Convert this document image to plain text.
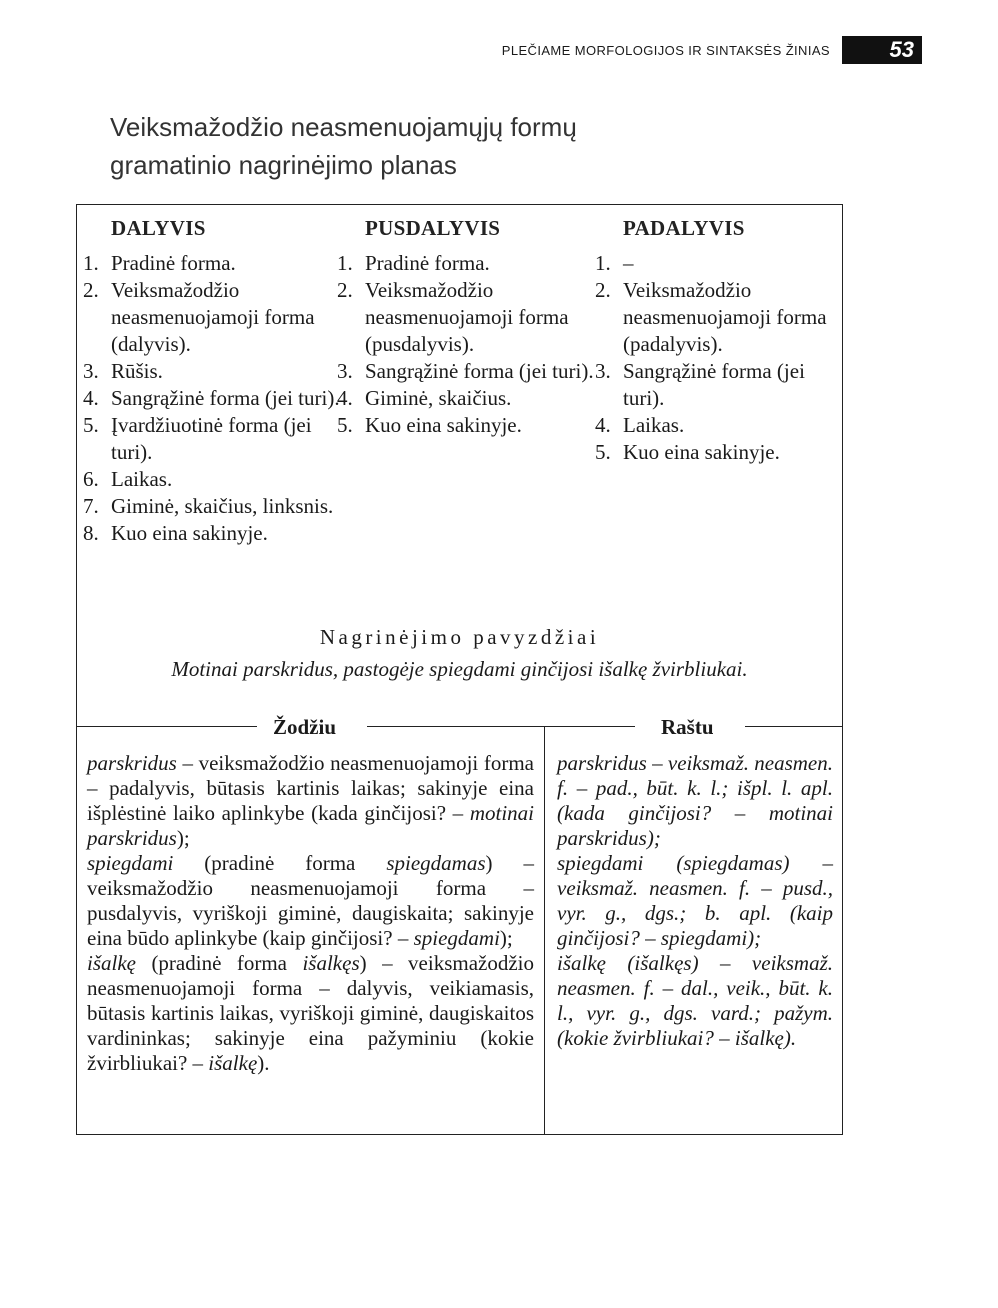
PLEČIAME MORFOLOGIJOS IR SINTAKSĖS ŽINIAS	53
Veiksmažodžio neasmenuojamųjų formų
gramatinio nagrinėjimo planas
DALYVIS
1. Pradinė forma.
2. Veiksmažodžio neasmenuojamoji forma (dalyvis).
3. Rūšis.
4. Sangrąžinė forma (jei turi).
5. Įvardžiuotinė forma (jei turi).
6. Laikas.
7. Giminė, skaičius, linksnis.
8. Kuo eina sakinyje.
PUSDALYVIS
1. Pradinė forma.
2. Veiksmažodžio neasmenuojamoji forma (pusdalyvis).
3. Sangrąžinė forma (jei turi).
4. Giminė, skaičius.
5. Kuo eina sakinyje.
PADALYVIS
1. –
2. Veiksmažodžio neasmenuojamoji forma (padalyvis).
3. Sangrąžinė forma (jei turi).
4. Laikas.
5. Kuo eina sakinyje.
Nagrinėjimo pavyzdžiai
Motinai parskridus, pastogėje spiegdami ginčijosi išalkę žvirbliukai.
Žodžiu	Raštu

parskridus – veiksmažodžio neasmenuojamoji forma – padalyvis, būtasis kartinis laikas; sakinyje eina išplėstinė laiko aplinkybe (kada ginčijosi? – motinai parskridus);

spiegdami (pradinė forma spiegdamas) – veiksmažodžio neasmenuojamoji forma – pusdalyvis, vyriškoji giminė, daugiskaita; sakinyje eina būdo aplinkybe (kaip ginčijosi? – spiegdami);

išalkę (pradinė forma išalkęs) – veiksmažodžio neasmenuojamoji forma – dalyvis, veikiamasis, būtasis kartinis laikas, vyriškoji giminė, daugiskaitos vardininkas; sakinyje eina pažyminiu (kokie žvirbliukai? – išalkę).

parskridus – veiksmaž. neasmen. f. – pad., būt. k. l.; išpl. l. apl. (kada ginčijosi? – motinai parskridus);

spiegdami (spiegdamas) – veiksmaž. neasmen. f. – pusd., vyr. g., dgs.; b. apl. (kaip ginčijosi? – spiegdami);

išalkę (išalkęs) – veiksmaž. neasmen. f. – dal., veik., būt. k. l., vyr. g., dgs. vard.; pažym. (kokie žvirbliukai? – išalkę).
